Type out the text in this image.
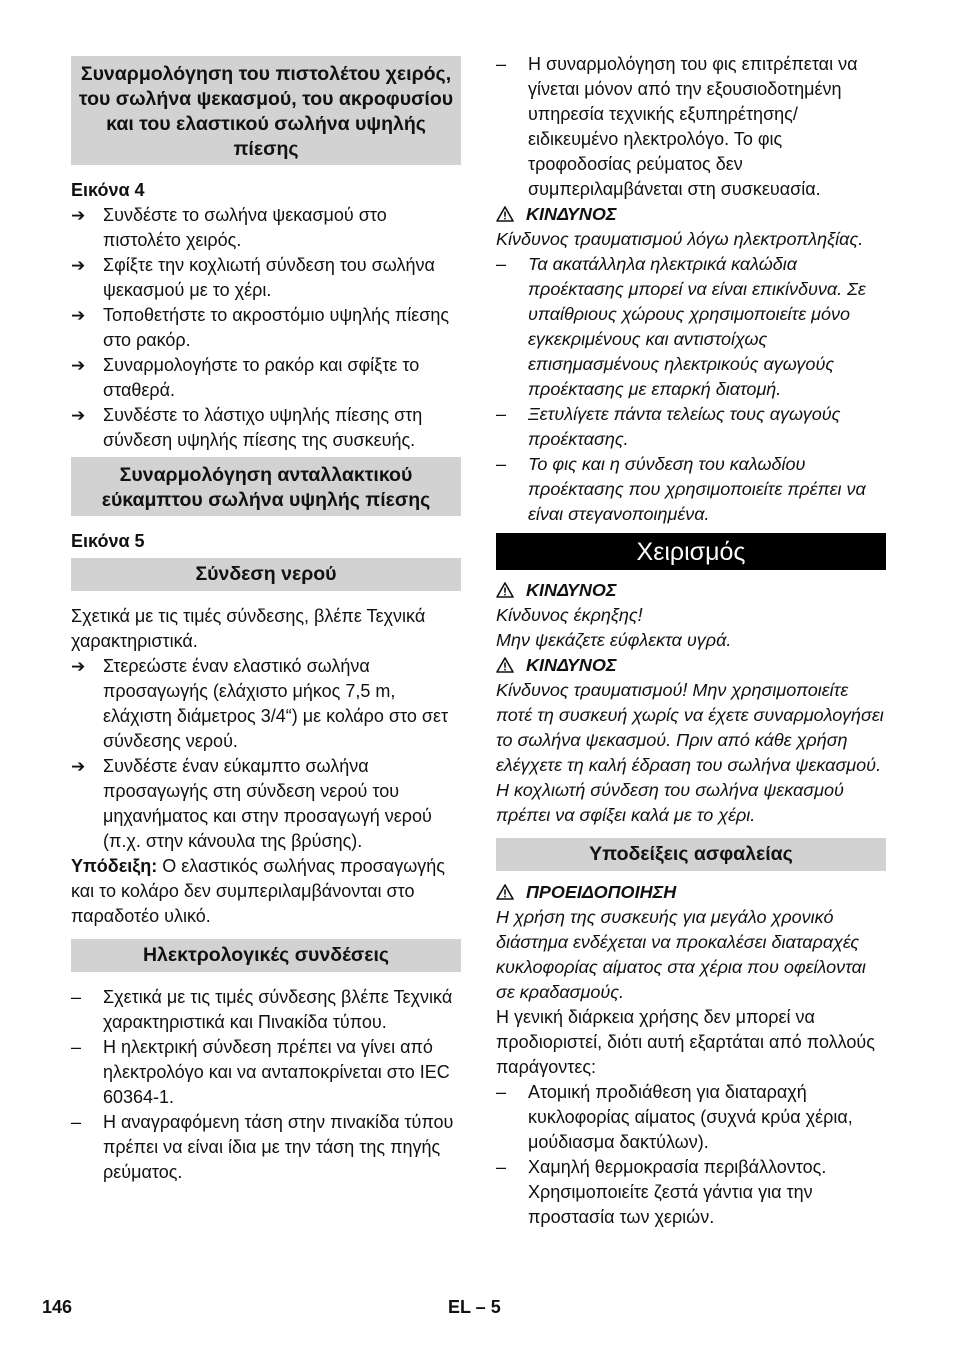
Συναρμολόγηση του πιστολέτου χειρός, του σωλήνα ψεκασμού, του ακροφυσίου και του ελαστικού σωλήνα υψηλής πίεσης

Εικόνα 4

➔
Συνδέστε το σωλήνα ψεκασμού στο πιστολέτο χειρός.
➔
Σφίξτε την κοχλιωτή σύνδεση του σωλήνα ψεκασμού με το χέρι.
➔
Τοποθετήστε το ακροστόμιο υψηλής πίεσης στο ρακόρ.
➔
Συναρμολογήστε το ρακόρ και σφίξτε το σταθερά.
➔
Συνδέστε το λάστιχο υψηλής πίεσης στη σύνδεση υψηλής πίεσης της συσκευής.
Συναρμολόγηση ανταλλακτικού εύκαμπτου σωλήνα υψηλής πίεσης

Εικόνα 5

Σύνδεση νερού

Σχετικά με τις τιμές σύνδεσης, βλέπε Τεχνικά χαρακτηριστικά.

➔
Στερεώστε έναν ελαστικό σωλήνα προσαγωγής (ελάχιστο μήκος 7,5 m, ελάχιστη διάμετρος 3/4“) με κολάρο στο σετ σύνδεσης νερού.
➔
Συνδέστε έναν εύκαμπτο σωλήνα προσαγωγής στη σύνδεση νερού του μηχανήματος και στην προσαγωγή νερού (π.χ. στην κάνουλα της βρύσης).

Υπόδειξη: Ο ελαστικός σωλήνας προσαγωγής και το κολάρο δεν συμπεριλαμβάνονται στο παραδοτέο υλικό.

Ηλεκτρολογικές συνδέσεις
–
Σχετικά με τις τιμές σύνδεσης βλέπε Τεχνικά χαρακτηριστικά και Πινακίδα τύπου.
–
Η ηλεκτρική σύνδεση πρέπει να γίνει από ηλεκτρολόγο και να ανταποκρίνεται στο IEC 60364-1.
–
Η αναγραφόμενη τάση στην πινακίδα τύπου πρέπει να είναι ίδια με την τάση της πηγής ρεύματος.
–
Η συναρμολόγηση του φις επιτρέπεται να γίνεται μόνον από την εξουσιοδοτημένη υπηρεσία τεχνικής εξυπηρέτησης/ειδικευμένο ηλεκτρολόγο. Το φις τροφοδοσίας ρεύματος δεν συμπεριλαμβάνεται στη συσκευασία.
ΚΙΝΔΥΝΟΣ

Κίνδυνος τραυματισμού λόγω ηλεκτροπληξίας.

–
Τα ακατάλληλα ηλεκτρικά καλώδια προέκτασης μπορεί να είναι επικίνδυνα. Σε υπαίθριους χώρους χρησιμοποιείτε μόνο εγκεκριμένους και αντιστοίχως επισημασμένους ηλεκτρικούς αγωγούς προέκτασης με επαρκή διατομή.
–
Ξετυλίγετε πάντα τελείως τους αγωγούς προέκτασης.
–
Το φις και η σύνδεση του καλωδίου προέκτασης που χρησιμοποιείτε πρέπει να είναι στεγανοποιημένα.
Χειρισμός
ΚΙΝΔΥΝΟΣ

Κίνδυνος έκρηξης!

Μην ψεκάζετε εύφλεκτα υγρά.

ΚΙΝΔΥΝΟΣ

Κίνδυνος τραυματισμού! Μην χρησιμοποιείτε ποτέ τη συσκευή χωρίς να έχετε συναρμολογήσει το σωλήνα ψεκασμού. Πριν από κάθε χρήση ελέγχετε τη καλή έδραση του σωλήνα ψεκασμού. Η κοχλιωτή σύνδεση του σωλήνα ψεκασμού πρέπει να σφίξει καλά με το χέρι.

Υποδείξεις ασφαλείας
ΠΡΟΕΙΔΟΠΟΙΗΣΗ

Η χρήση της συσκευής για μεγάλο χρονικό διάστημα ενδέχεται να προκαλέσει διαταραχές κυκλοφορίας αίματος στα χέρια που οφείλονται σε κραδασμούς.

Η γενική διάρκεια χρήσης δεν μπορεί να προδιοριστεί, διότι αυτή εξαρτάται από πολλούς παράγοντες:

–
Ατομική προδιάθεση για διαταραχή κυκλοφορίας αίματος (συχνά κρύα χέρια, μούδιασμα δακτύλων).
–
Χαμηλή θερμοκρασία περιβάλλοντος. Χρησιμοποιείτε ζεστά γάντια για την προστασία των χεριών.
146	EL – 5
